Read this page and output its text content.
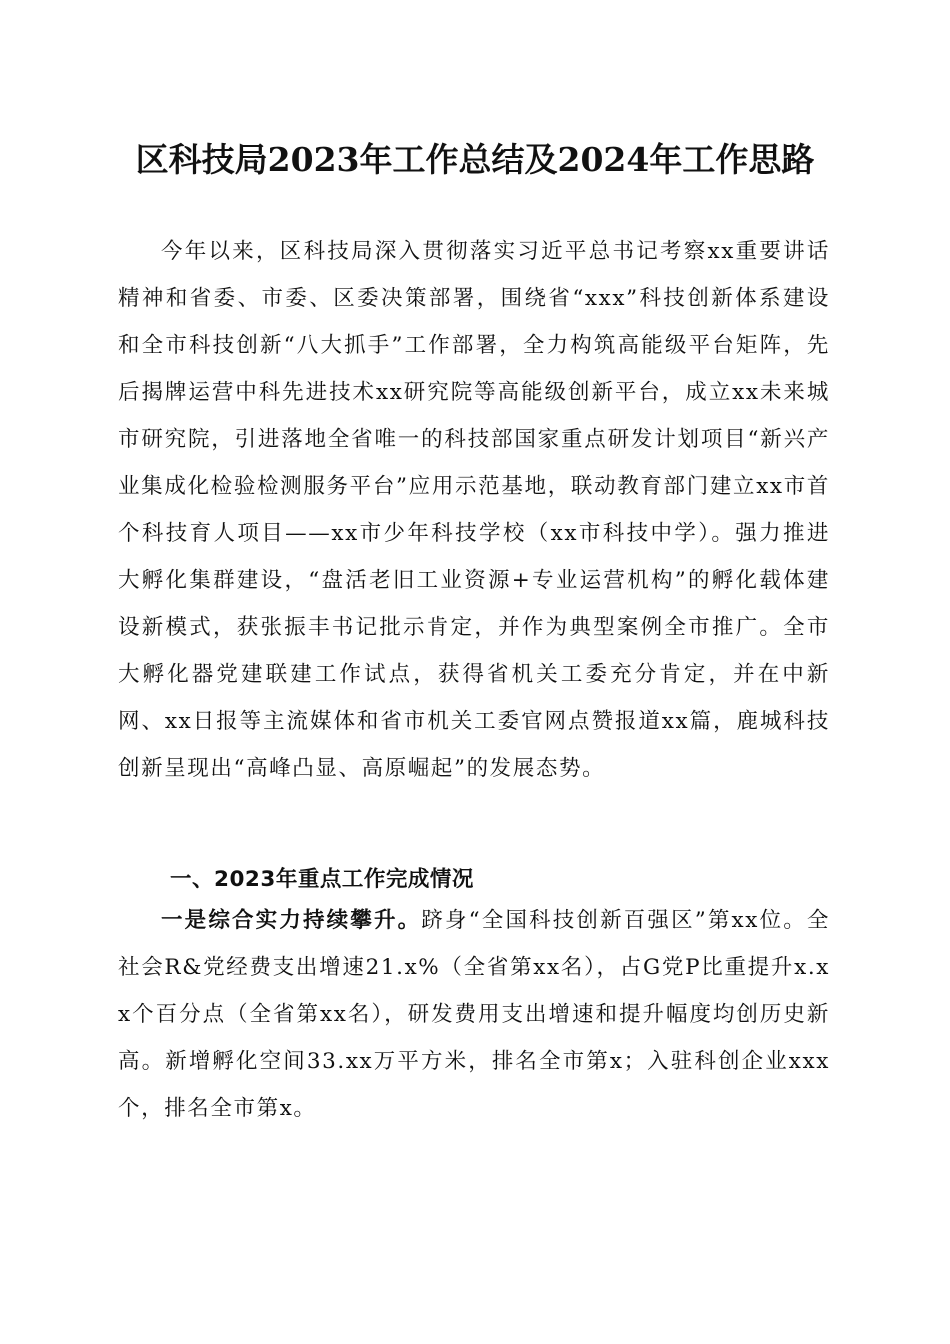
区科技局2023年工作总结及2024年工作思路

今年以来，区科技局深入贯彻落实习近平总书记考察xx重要讲话精神和省委、市委、区委决策部署，围绕省“xxx”科技创新体系建设和全市科技创新“八大抓手”工作部署，全力构筑高能级平台矩阵，先后揭牌运营中科先进技术xx研究院等高能级创新平台，成立xx未来城市研究院，引进落地全省唯一的科技部国家重点研发计划项目“新兴产业集成化检验检测服务平台”应用示范基地，联动教育部门建立xx市首个科技育人项目——xx市少年科技学校（xx市科技中学）。强力推进大孵化集群建设，“盘活老旧工业资源+专业运营机构”的孵化载体建设新模式，获张振丰书记批示肯定，并作为典型案例全市推广。全市大孵化器党建联建工作试点，获得省机关工委充分肯定，并在中新网、xx日报等主流媒体和省市机关工委官网点赞报道xx篇，鹿城科技创新呈现出“高峰凸显、高原崛起”的发展态势。

一、2023年重点工作完成情况

一是综合实力持续攀升。跻身“全国科技创新百强区”第xx位。全社会R&党经费支出增速21.x%（全省第xx名），占G党P比重提升x.xx个百分点（全省第xx名），研发费用支出增速和提升幅度均创历史新高。新增孵化空间33.xx万平方米，排名全市第x；入驻科创企业xxx个，排名全市第x。
